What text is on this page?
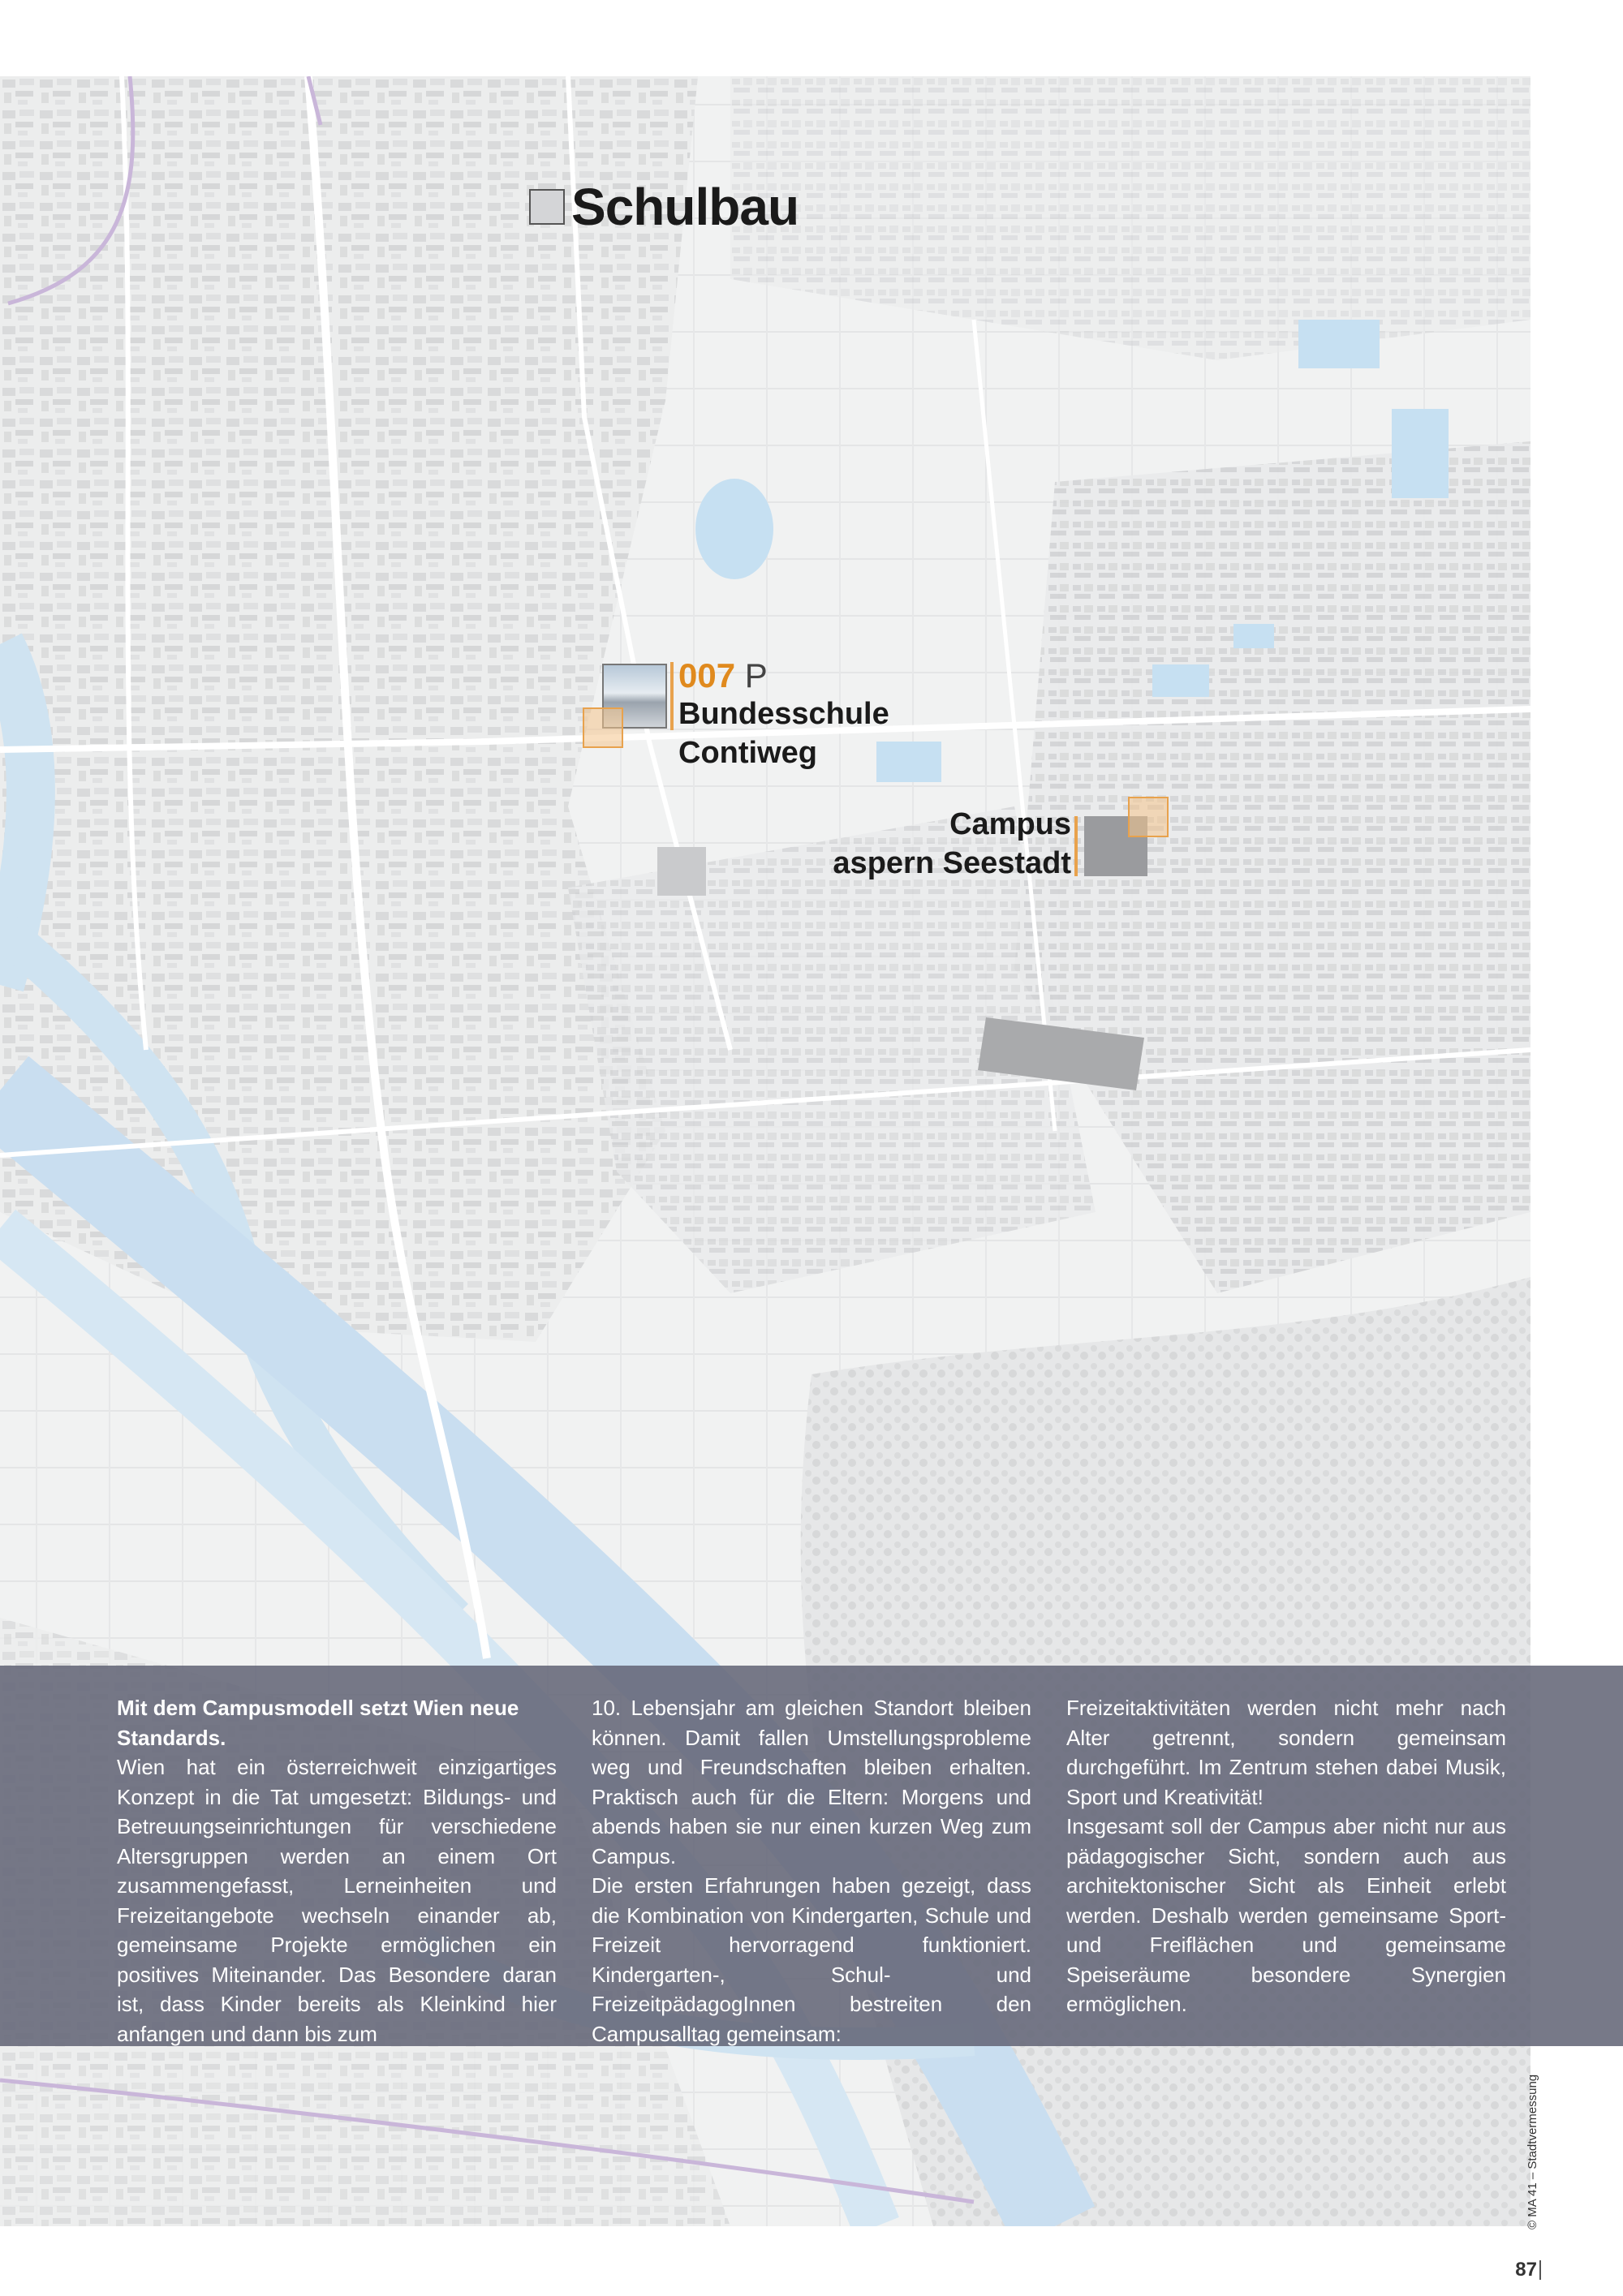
Schulbau
007 P
Bundesschule
Contiweg
Campus
aspern Seestadt

Mit dem Campusmodell setzt Wien neue Standards.

Wien hat ein österreichweit einzigartiges Konzept in die Tat umgesetzt: Bildungs- und Betreuungseinrichtungen für verschiedene Altersgruppen werden an einem Ort zusammengefasst, Lerneinheiten und Freizeitangebote wechseln einander ab, gemeinsame Projekte ermöglichen ein positives Miteinander. Das Besondere daran ist, dass Kinder bereits als Kleinkind hier anfangen und dann bis zum

10. Lebensjahr am gleichen Standort bleiben können. Damit fallen Umstellungsprobleme weg und Freundschaften bleiben erhalten. Praktisch auch für die Eltern: Morgens und abends haben sie nur einen kurzen Weg zum Campus.

Die ersten Erfahrungen haben gezeigt, dass die Kombination von Kindergarten, Schule und Freizeit hervorragend funktioniert. Kindergarten-, Schul- und FreizeitpädagogInnen bestreiten den Campusalltag gemeinsam:

Freizeitaktivitäten werden nicht mehr nach Alter getrennt, sondern gemeinsam durchgeführt. Im Zentrum stehen dabei Musik, Sport und Kreativität!

Insgesamt soll der Campus aber nicht nur aus pädagogischer Sicht, sondern auch aus architektonischer Sicht als Einheit erlebt werden. Deshalb werden gemeinsame Sport- und Freiflächen und gemeinsame Speiseräume besondere Synergien ermöglichen.

© MA 41 – Stadtvermessung
87
